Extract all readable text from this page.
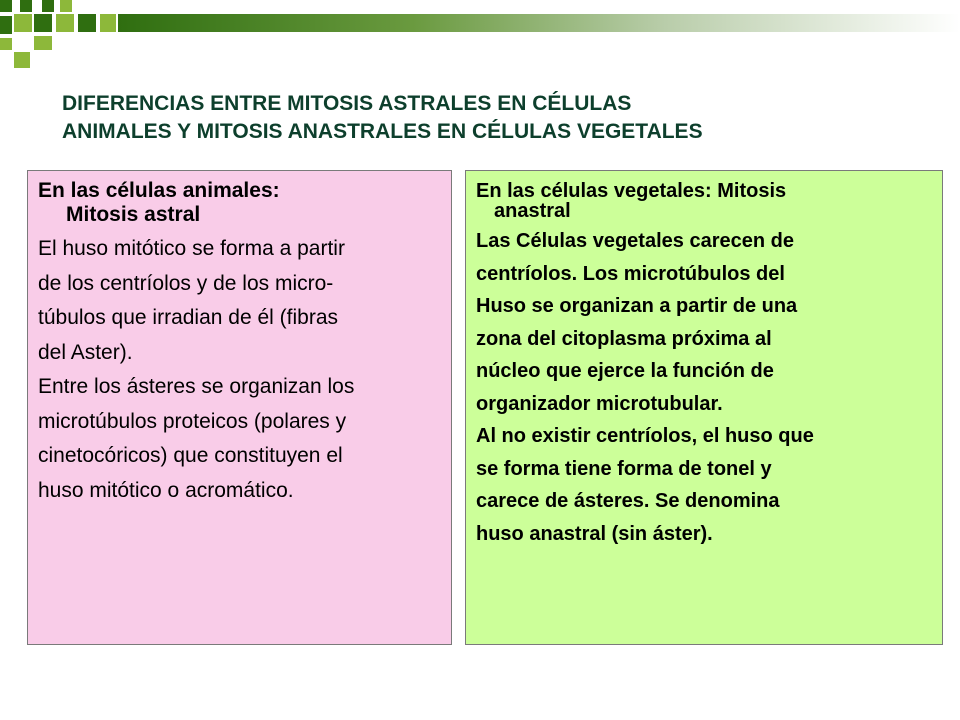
DIFERENCIAS ENTRE MITOSIS ASTRALES EN CÉLULAS
ANIMALES Y MITOSIS ANASTRALES EN CÉLULAS VEGETALES
En las células animales:
Mitosis astral

El huso mitótico se forma a partir

de los centríolos y de los micro-

túbulos que irradian de él (fibras

del Aster).

Entre los ásteres se organizan los

microtúbulos proteicos (polares y

cinetocóricos) que constituyen el

huso mitótico o acromático.

En las células vegetales: Mitosis
anastral

Las Células vegetales carecen de

centríolos. Los microtúbulos del

Huso se organizan a partir de una

zona del citoplasma próxima al

núcleo que ejerce la función de

organizador microtubular.

Al no existir centríolos, el huso que

se forma tiene forma de tonel y

carece de ásteres. Se denomina

huso anastral (sin áster).
